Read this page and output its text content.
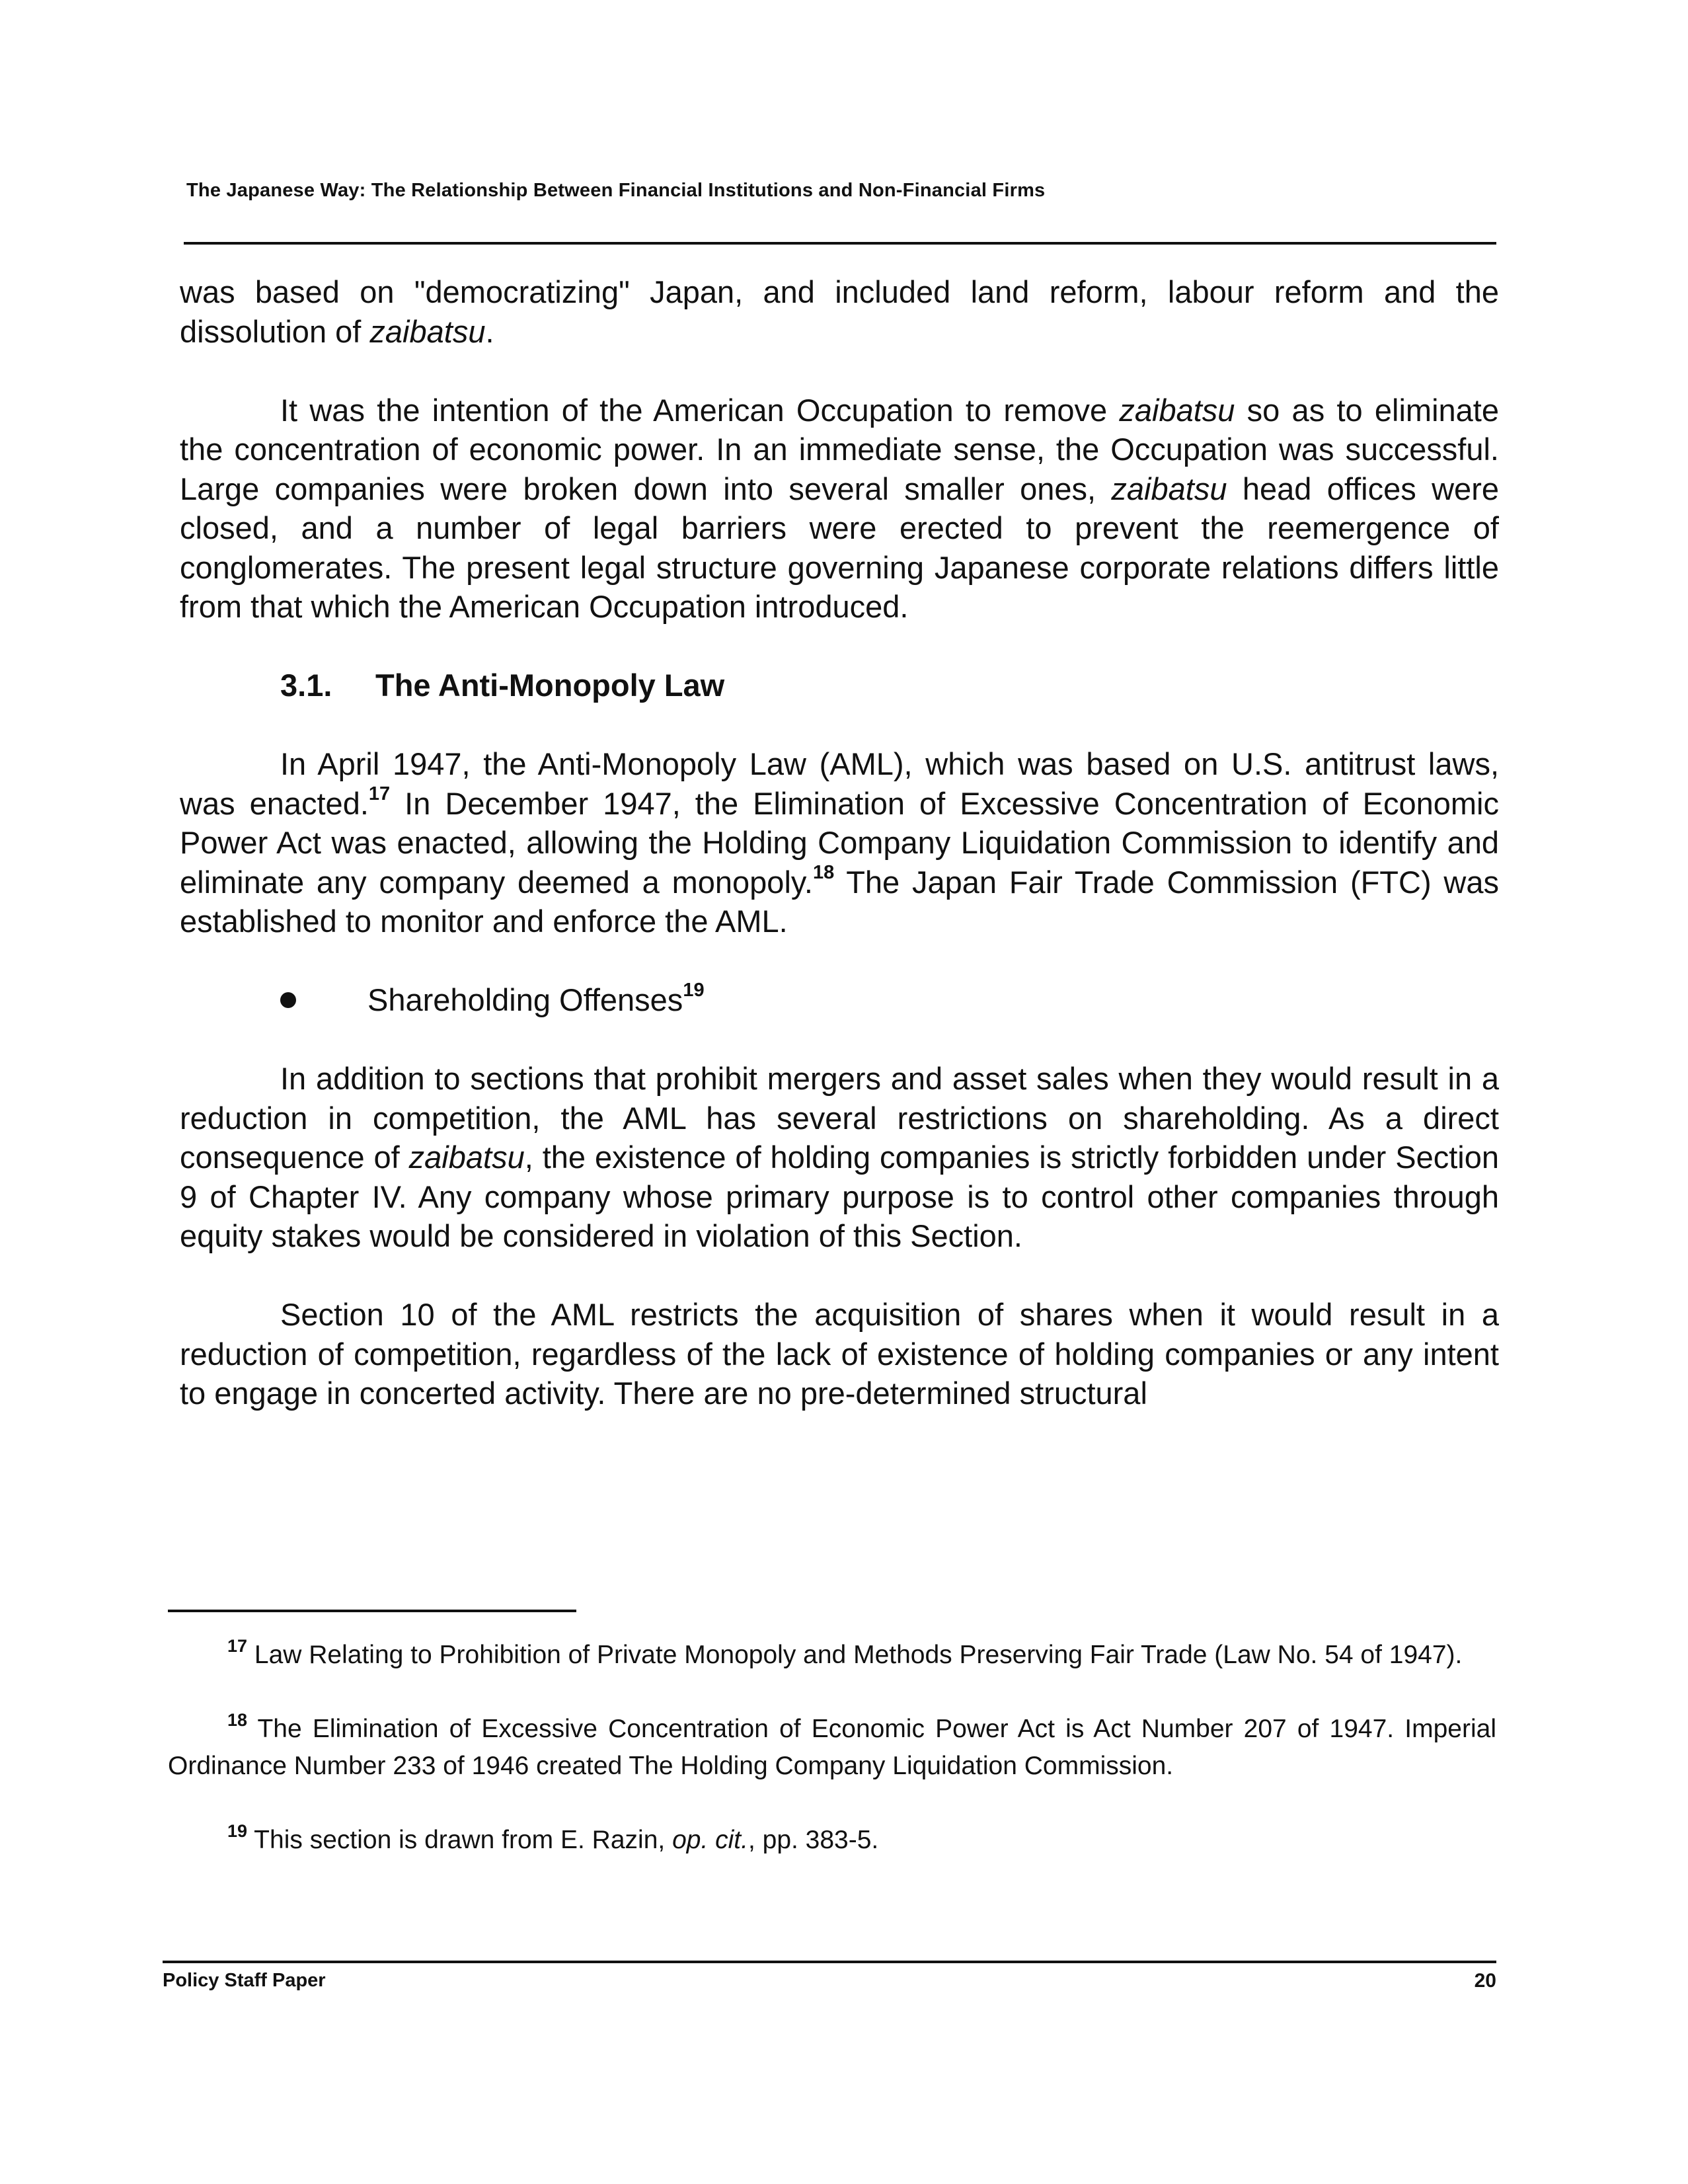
The Japanese Way: The Relationship Between Financial Institutions and Non-Financial Firms

was based on "democratizing" Japan, and included land reform, labour reform and the dissolution of zaibatsu.

It was the intention of the American Occupation to remove zaibatsu so as to eliminate the concentration of economic power. In an immediate sense, the Occupation was successful. Large companies were broken down into several smaller ones, zaibatsu head offices were closed, and a number of legal barriers were erected to prevent the reemergence of conglomerates. The present legal structure governing Japanese corporate relations differs little from that which the American Occupation introduced.

3.1. The Anti-Monopoly Law

In April 1947, the Anti-Monopoly Law (AML), which was based on U.S. antitrust laws, was enacted.$^{17}$ In December 1947, the Elimination of Excessive Concentration of Economic Power Act was enacted, allowing the Holding Company Liquidation Commission to identify and eliminate any company deemed a monopoly.$^{18}$ The Japan Fair Trade Commission (FTC) was established to monitor and enforce the AML.

Shareholding Offenses$^{19}$

In addition to sections that prohibit mergers and asset sales when they would result in a reduction in competition, the AML has several restrictions on shareholding. As a direct consequence of zaibatsu, the existence of holding companies is strictly forbidden under Section 9 of Chapter IV. Any company whose primary purpose is to control other companies through equity stakes would be considered in violation of this Section.

Section 10 of the AML restricts the acquisition of shares when it would result in a reduction of competition, regardless of the lack of existence of holding companies or any intent to engage in concerted activity. There are no pre-determined structural

$^{17}$ Law Relating to Prohibition of Private Monopoly and Methods Preserving Fair Trade (Law No. 54 of 1947).

$^{18}$ The Elimination of Excessive Concentration of Economic Power Act is Act Number 207 of 1947. Imperial Ordinance Number 233 of 1946 created The Holding Company Liquidation Commission.

$^{19}$ This section is drawn from E. Razin, op. cit., pp. 383-5.

Policy Staff Paper	20
